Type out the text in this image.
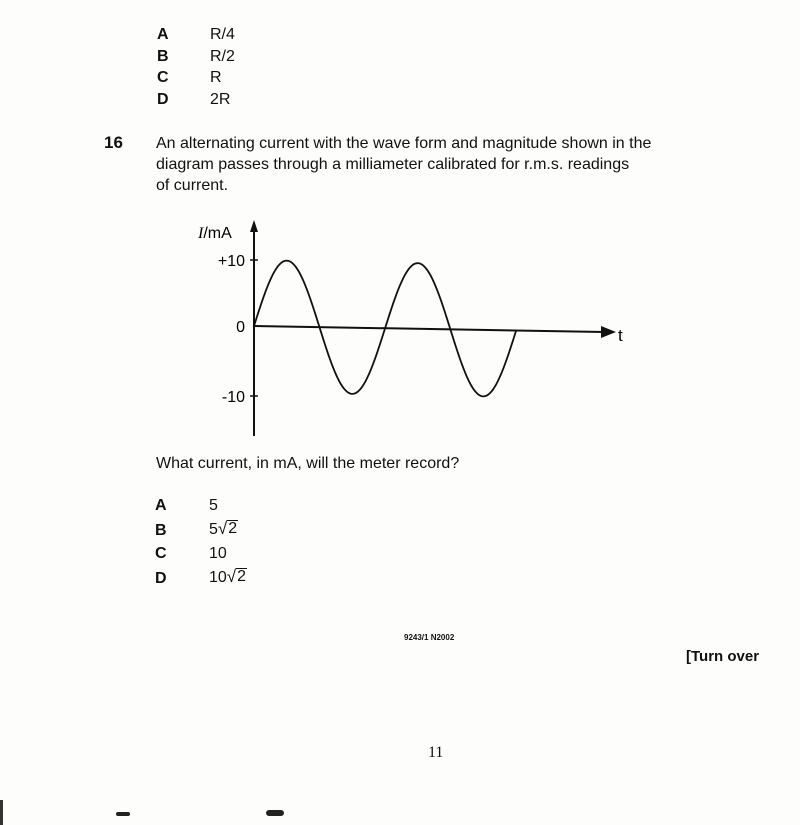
A	R/4
B	R/2
C	R
D	2R
16 An alternating current with the wave form and magnitude shown in the
diagram passes through a milliameter calibrated for r.m.s. readings
of current.
+10
0
-10
I/mA
t
What current, in mA, will the meter record?
A	5
B	5 √ 2
C	10
D	10 √ 2
9243/1 N2002
[Turn over
11
